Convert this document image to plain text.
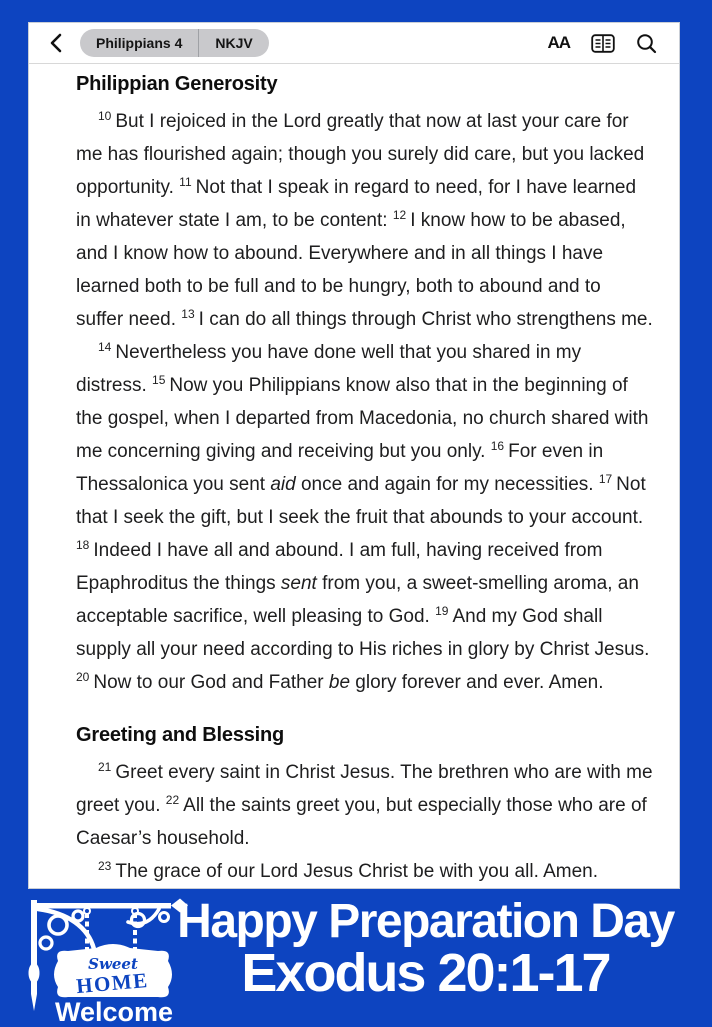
Philippians 4	NKJV	AA
Philippian Generosity

$^{10}$ But I rejoiced in the Lord greatly that now at last your care for me has flourished again; though you surely did care, but you lacked opportunity. $^{11}$ Not that I speak in regard to need, for I have learned in whatever state I am, to be content: $^{12}$ I know how to be abased, and I know how to abound. Everywhere and in all things I have learned both to be full and to be hungry, both to abound and to suffer need. $^{13}$ I can do all things through Christ who strengthens me.

$^{14}$ Nevertheless you have done well that you shared in my distress. $^{15}$ Now you Philippians know also that in the beginning of the gospel, when I departed from Macedonia, no church shared with me concerning giving and receiving but you only. $^{16}$ For even in Thessalonica you sent aid once and again for my necessities. $^{17}$ Not that I seek the gift, but I seek the fruit that abounds to your account. $^{18}$ Indeed I have all and abound. I am full, having received from Epaphroditus the things sent from you, a sweet-smelling aroma, an acceptable sacrifice, well pleasing to God. $^{19}$ And my God shall supply all your need according to His riches in glory by Christ Jesus. $^{20}$ Now to our God and Father be glory forever and ever. Amen.

Greeting and Blessing

$^{21}$ Greet every saint in Christ Jesus. The brethren who are with me greet you. $^{22}$ All the saints greet you, but especially those who are of Caesar’s household.

$^{23}$ The grace of our Lord Jesus Christ be with you all. Amen.

Sweet
HOME
Welcome
Happy Preparation Day
Exodus 20:1-17
